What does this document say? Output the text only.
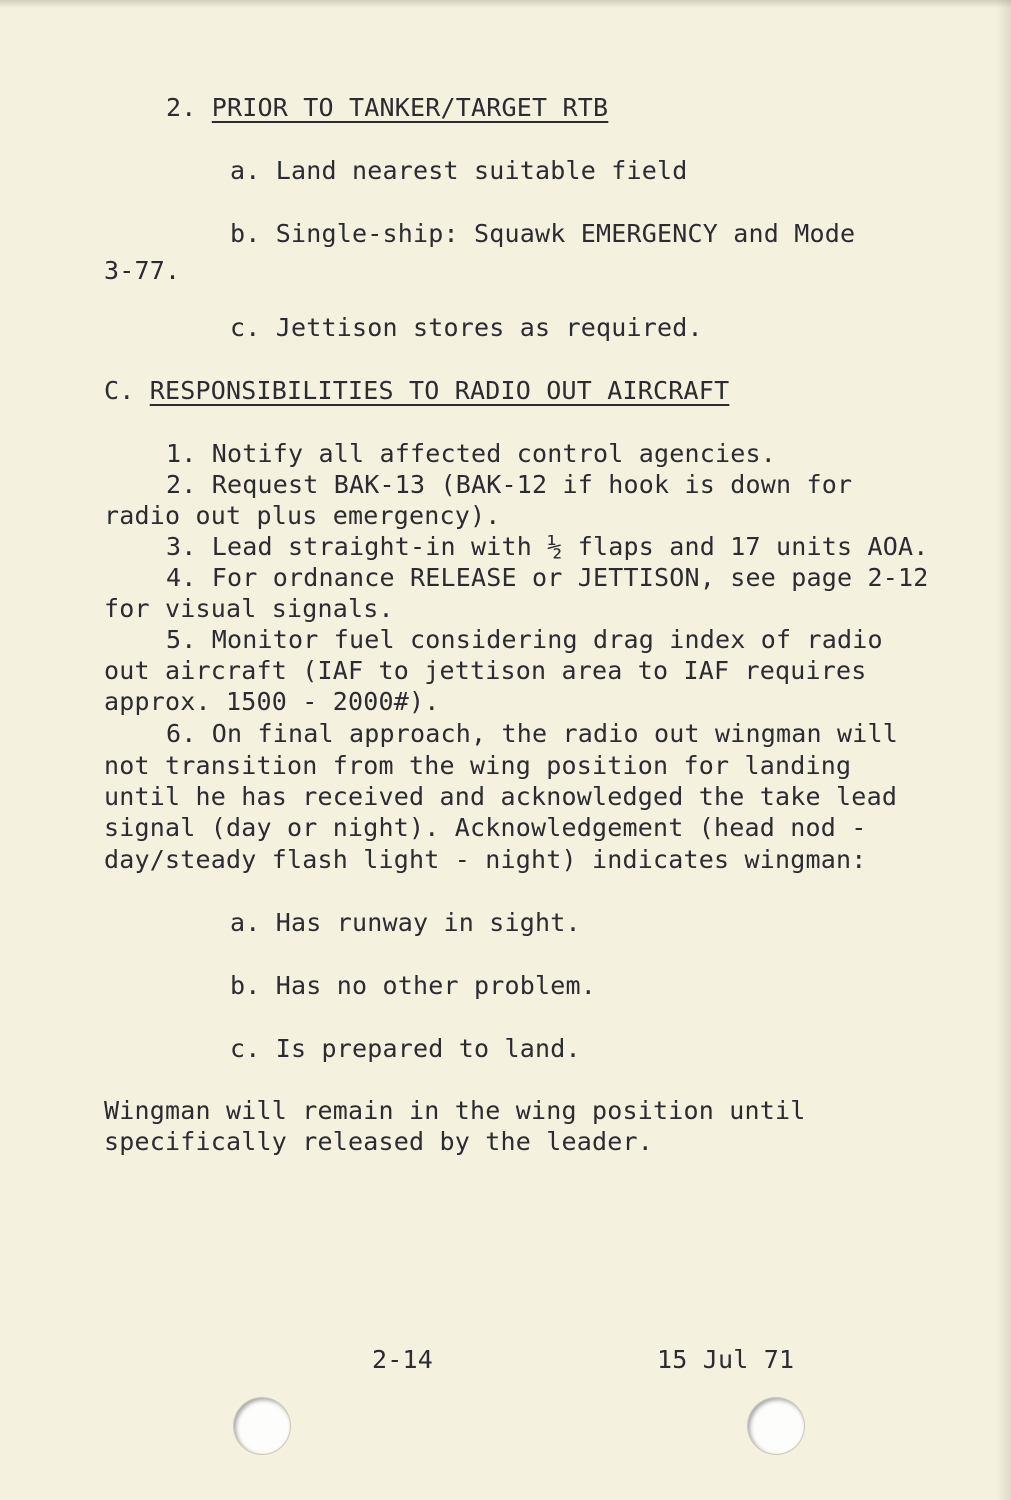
2. PRIOR TO TANKER/TARGET RTB
a. Land nearest suitable field
b. Single-ship: Squawk EMERGENCY and Mode
3-77.
c. Jettison stores as required.
C. RESPONSIBILITIES TO RADIO OUT AIRCRAFT
1. Notify all affected control agencies.
2. Request BAK-13 (BAK-12 if hook is down for
radio out plus emergency).
3. Lead straight-in with ½ flaps and 17 units AOA.
4. For ordnance RELEASE or JETTISON, see page 2-12
for visual signals.
5. Monitor fuel considering drag index of radio
out aircraft (IAF to jettison area to IAF requires
approx. 1500 - 2000#).
6. On final approach, the radio out wingman will
not transition from the wing position for landing
until he has received and acknowledged the take lead
signal (day or night). Acknowledgement (head nod -
day/steady flash light - night) indicates wingman:
a. Has runway in sight.
b. Has no other problem.
c. Is prepared to land.
Wingman will remain in the wing position until
specifically released by the leader.
2-14	15 Jul 71
